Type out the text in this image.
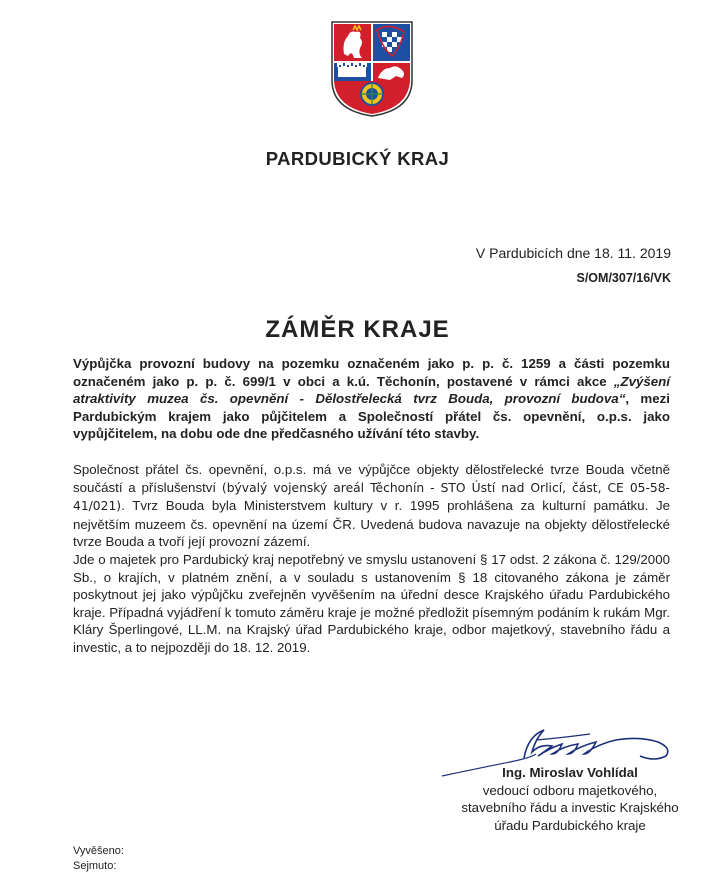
PARDUBICKÝ KRAJ
V Pardubicích dne 18. 11. 2019
S/OM/307/16/VK
ZÁMĚR KRAJE
Výpůjčka provozní budovy na pozemku označeném jako p. p. č. 1259 a části pozemku označeném jako p. p. č. 699/1 v obci a k.ú. Těchonín, postavené v rámci akce „Zvýšení atraktivity muzea čs. opevnění - Dělostřelecká tvrz Bouda, provozní budova“, mezi Pardubickým krajem jako půjčitelem a Společností přátel čs. opevnění, o.p.s. jako vypůjčitelem, na dobu ode dne předčasného užívání této stavby.
Společnost přátel čs. opevnění, o.p.s. má ve výpůjčce objekty dělostřelecké tvrze Bouda včetně součástí a příslušenství (bývalý vojenský areál Těchonín - STO Ústí nad Orlicí, část, CE 05-58-41/021). Tvrz Bouda byla Ministerstvem kultury v r. 1995 prohlášena za kulturní památku. Je největším muzeem čs. opevnění na území ČR. Uvedená budova navazuje na objekty dělostřelecké tvrze Bouda a tvoří její provozní zázemí.
Jde o majetek pro Pardubický kraj nepotřebný ve smyslu ustanovení § 17 odst. 2 zákona č. 129/2000 Sb., o krajích, v platném znění, a v souladu s ustanovením § 18 citovaného zákona je záměr poskytnout jej jako výpůjčku zveřejněn vyvěšením na úřední desce Krajského úřadu Pardubického kraje. Případná vyjádření k tomuto záměru kraje je možné předložit písemným podáním k rukám Mgr. Kláry Šperlingové, LL.M. na Krajský úřad Pardubického kraje, odbor majetkový, stavebního řádu a investic, a to nejpozději do 18. 12. 2019.
Ing. Miroslav Vohlídal
vedoucí odboru majetkového,
stavebního řádu a investic Krajského
úřadu Pardubického kraje
Vyvěšeno:
Sejmuto:
